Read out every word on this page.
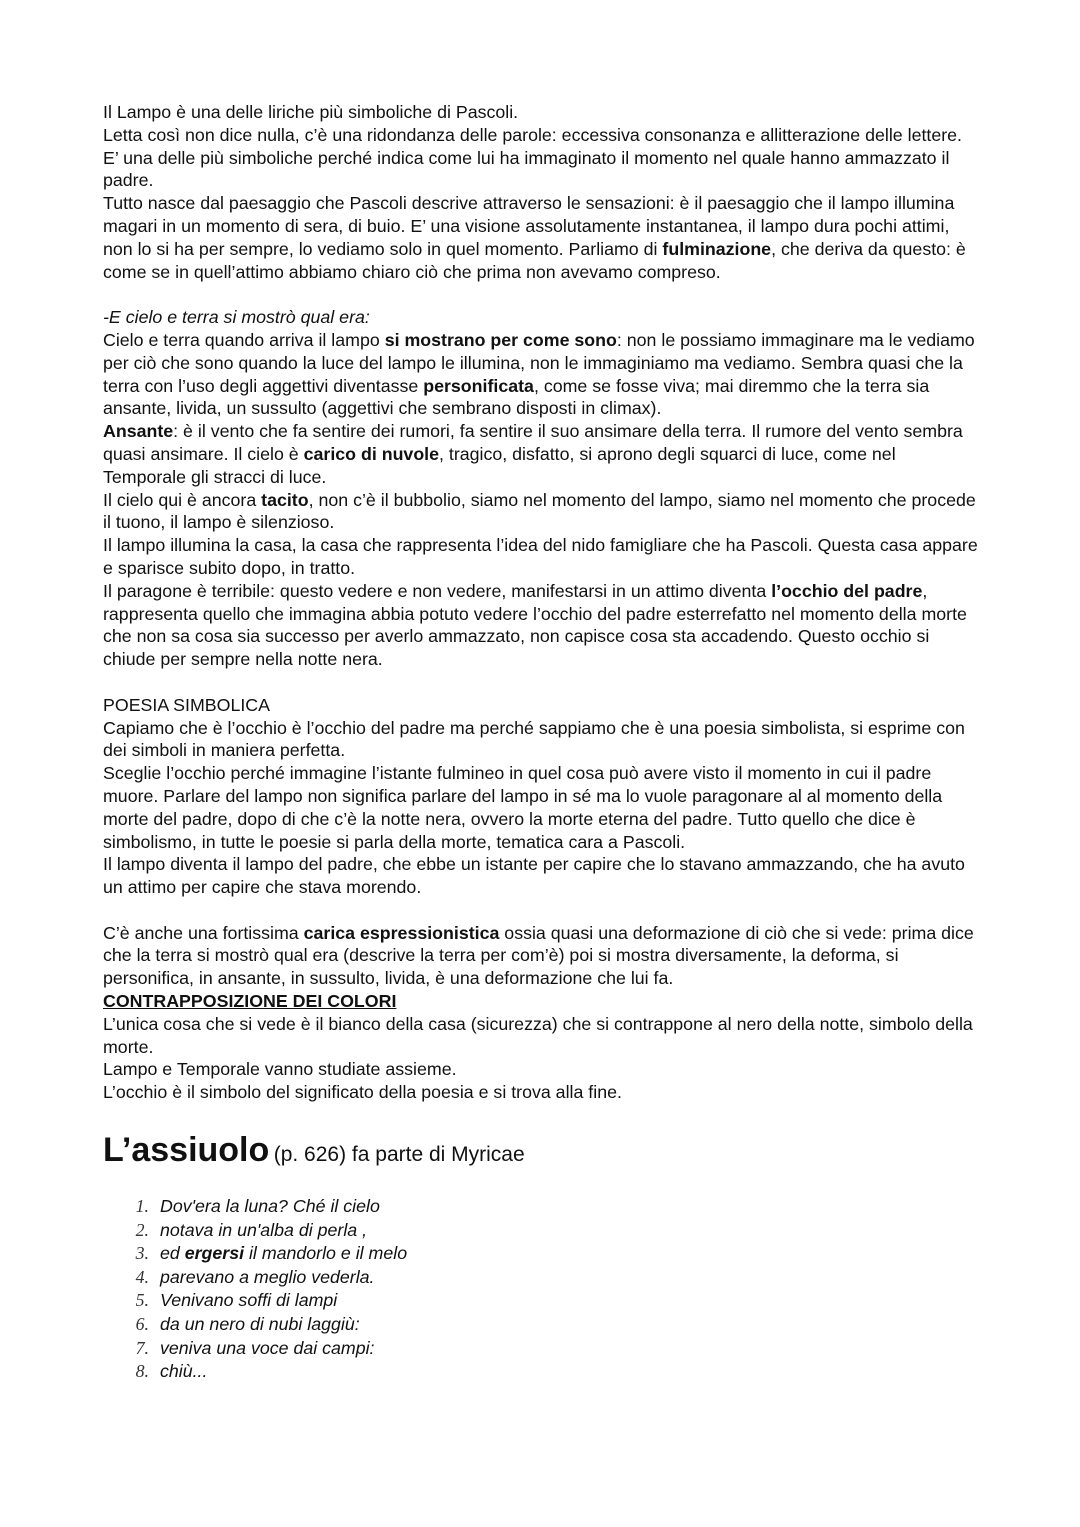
Il Lampo è una delle liriche più simboliche di Pascoli.

Letta così non dice nulla, c’è una ridondanza delle parole: eccessiva consonanza e allitterazione delle lettere. E’ una delle più simboliche perché indica come lui ha immaginato il momento nel quale hanno ammazzato il padre.

Tutto nasce dal paesaggio che Pascoli descrive attraverso le sensazioni: è il paesaggio che il lampo illumina magari in un momento di sera, di buio. E’ una visione assolutamente instantanea, il lampo dura pochi attimi, non lo si ha per sempre, lo vediamo solo in quel momento. Parliamo di fulminazione, che deriva da questo: è come se in quell’attimo abbiamo chiaro ciò che prima non avevamo compreso.

-E cielo e terra si mostrò qual era:

Cielo e terra quando arriva il lampo si mostrano per come sono: non le possiamo immaginare ma le vediamo per ciò che sono quando la luce del lampo le illumina, non le immaginiamo ma vediamo. Sembra quasi che la terra con l’uso degli aggettivi diventasse personificata, come se fosse viva; mai diremmo che la terra sia ansante, livida, un sussulto (aggettivi che sembrano disposti in climax).

Ansante: è il vento che fa sentire dei rumori, fa sentire il suo ansimare della terra. Il rumore del vento sembra quasi ansimare. Il cielo è carico di nuvole, tragico, disfatto, si aprono degli squarci di luce, come nel Temporale gli stracci di luce.

Il cielo qui è ancora tacito, non c’è il bubbolio, siamo nel momento del lampo, siamo nel momento che procede il tuono, il lampo è silenzioso.

Il lampo illumina la casa, la casa che rappresenta l’idea del nido famigliare che ha Pascoli. Questa casa appare e sparisce subito dopo, in tratto.

Il paragone è terribile: questo vedere e non vedere, manifestarsi in un attimo diventa l’occhio del padre, rappresenta quello che immagina abbia potuto vedere l’occhio del padre esterrefatto nel momento della morte che non sa cosa sia successo per averlo ammazzato, non capisce cosa sta accadendo. Questo occhio si chiude per sempre nella notte nera.

POESIA SIMBOLICA

Capiamo che è l’occhio è l’occhio del padre ma perché sappiamo che è una poesia simbolista, si esprime con dei simboli in maniera perfetta.

Sceglie l’occhio perché immagine l’istante fulmineo in quel cosa può avere visto il momento in cui il padre muore. Parlare del lampo non significa parlare del lampo in sé ma lo vuole paragonare al al momento della morte del padre, dopo di che c’è la notte nera, ovvero la morte eterna del padre. Tutto quello che dice è simbolismo, in tutte le poesie si parla della morte, tematica cara a Pascoli.

Il lampo diventa il lampo del padre, che ebbe un istante per capire che lo stavano ammazzando, che ha avuto un attimo per capire che stava morendo.

C’è anche una fortissima carica espressionistica ossia quasi una deformazione di ciò che si vede: prima dice che la terra si mostrò qual era (descrive la terra per com’è) poi si mostra diversamente, la deforma, si personifica, in ansante, in sussulto, livida, è una deformazione che lui fa.

CONTRAPPOSIZIONE DEI COLORI

L’unica cosa che si vede è il bianco della casa (sicurezza) che si contrappone al nero della notte, simbolo della morte.

Lampo e Temporale vanno studiate assieme.

L’occhio è il simbolo del significato della poesia e si trova alla fine.

L’assiuolo (p. 626) fa parte di Myricae
1. Dov'era la luna? Ché il cielo
2. notava in un'alba di perla ,
3. ed ergersi il mandorlo e il melo
4. parevano a meglio vederla.
5. Venivano soffi di lampi
6. da un nero di nubi laggiù:
7. veniva una voce dai campi:
8. chiù...
